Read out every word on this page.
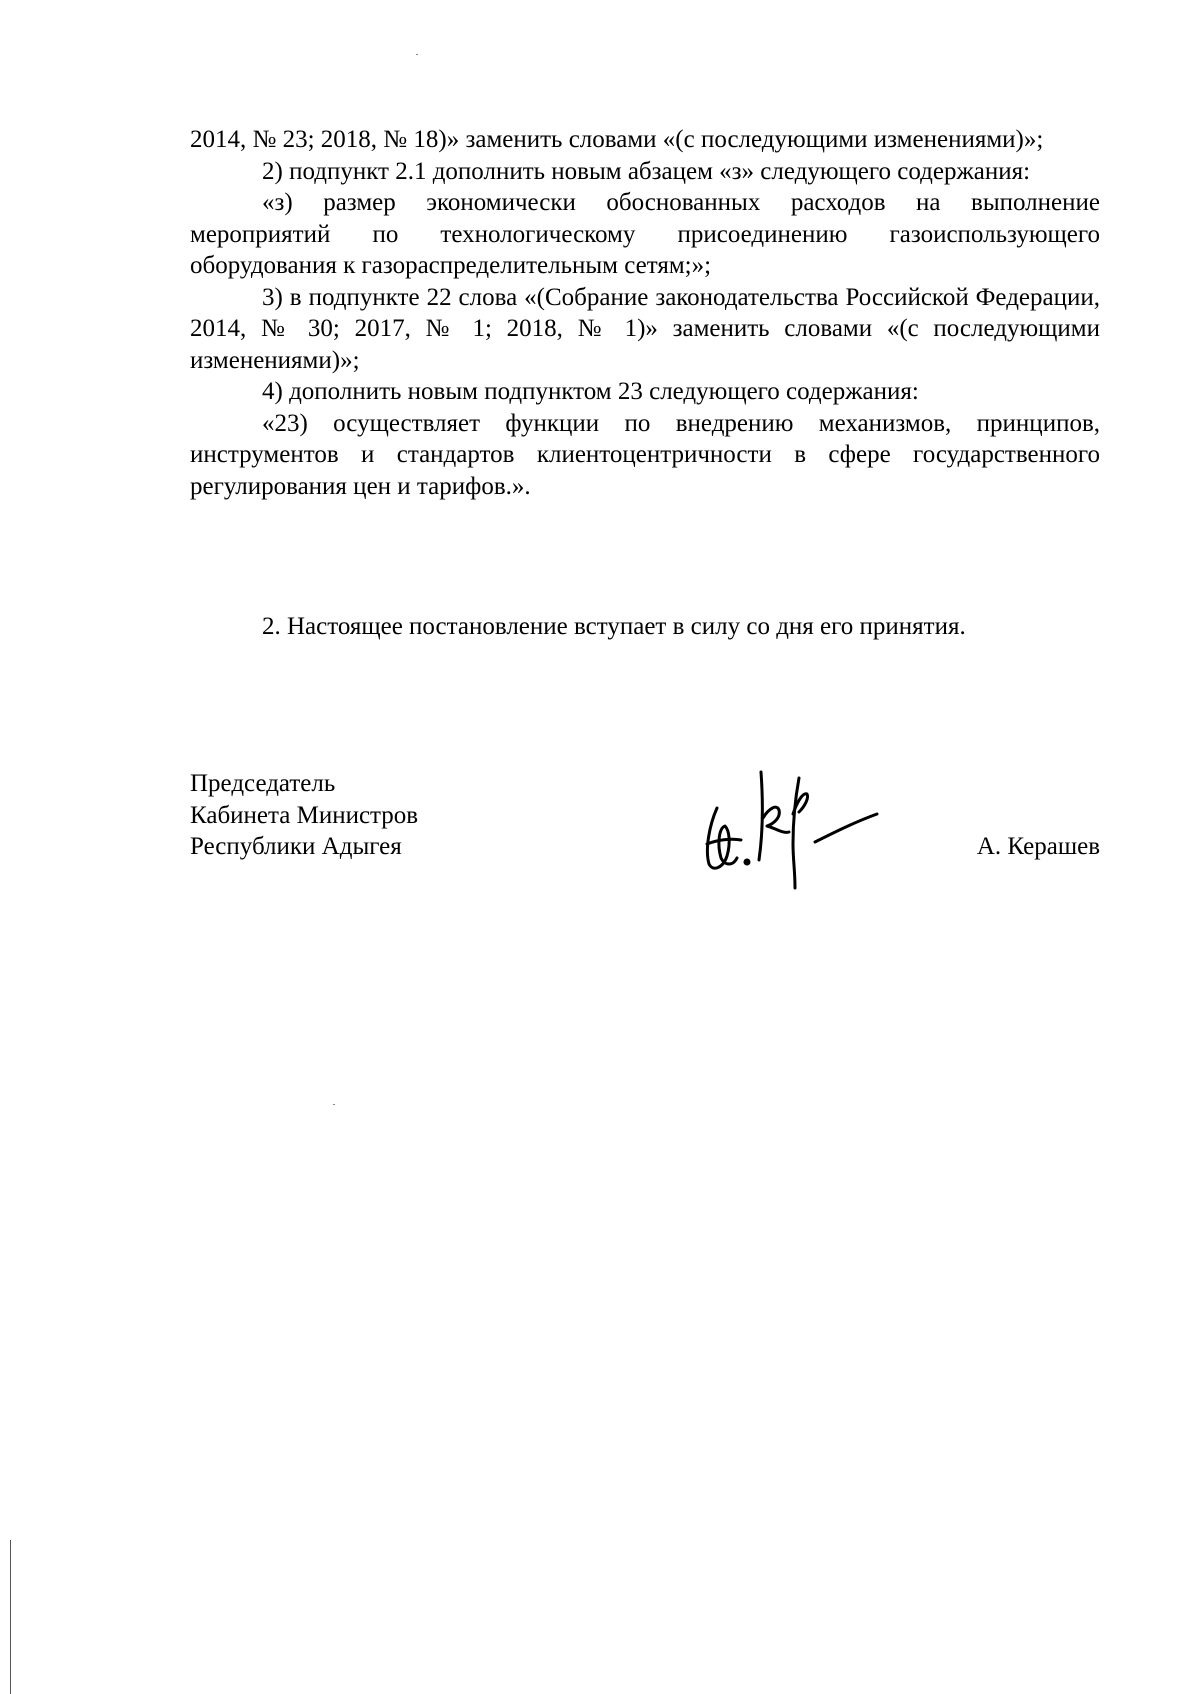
2014, № 23; 2018, № 18)» заменить словами «(с последующими изменениями)»;

2) подпункт 2.1 дополнить новым абзацем «з» следующего содержания:

«з) размер экономически обоснованных расходов на выполнение мероприятий по технологическому присоединению газоиспользующего оборудования к газораспределительным сетям;»;

3) в подпункте 22 слова «(Собрание законодательства Российской Федерации, 2014, № 30; 2017, № 1; 2018, № 1)» заменить словами «(с последующими изменениями)»;

4) дополнить новым подпунктом 23 следующего содержания:

«23) осуществляет функции по внедрению механизмов, принципов, инструментов и стандартов клиентоцентричности в сфере государственного регулирования цен и тарифов.».

2. Настоящее постановление вступает в силу со дня его принятия.

Председатель
Кабинета Министров
Республики Адыгея	А. Керашев
